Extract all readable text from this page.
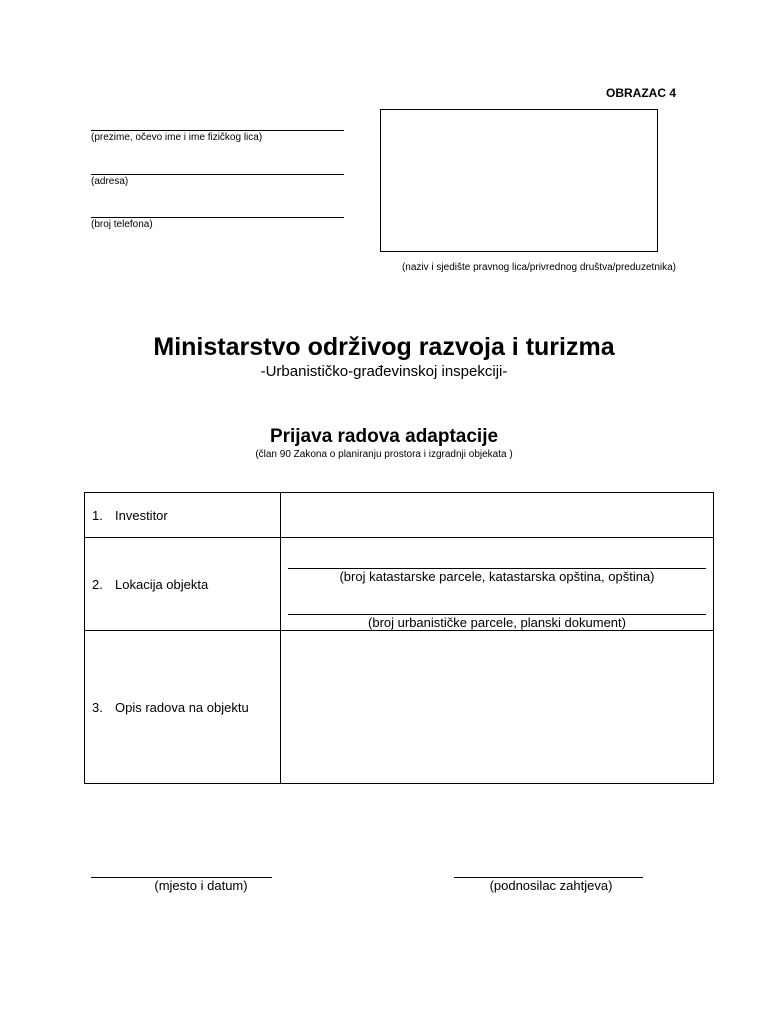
OBRAZAC 4
(prezime, očevo ime i ime fizičkog lica)
(adresa)
(broj telefona)
(naziv i sjedište pravnog lica/privrednog društva/preduzetnika)
Ministarstvo održivog razvoja i turizma
-Urbanističko-građevinskoj inspekciji-
Prijava radova adaptacije
(član 90 Zakona o planiranju prostora i izgradnji objekata )
1. Investitor	
2. Lokacija objekta	(broj katastarske parcele, katastarska opština, opština)
(broj urbanističke parcele, planski dokument)

3. Opis radova na objektu	
(mjesto i datum)	(podnosilac zahtjeva)
